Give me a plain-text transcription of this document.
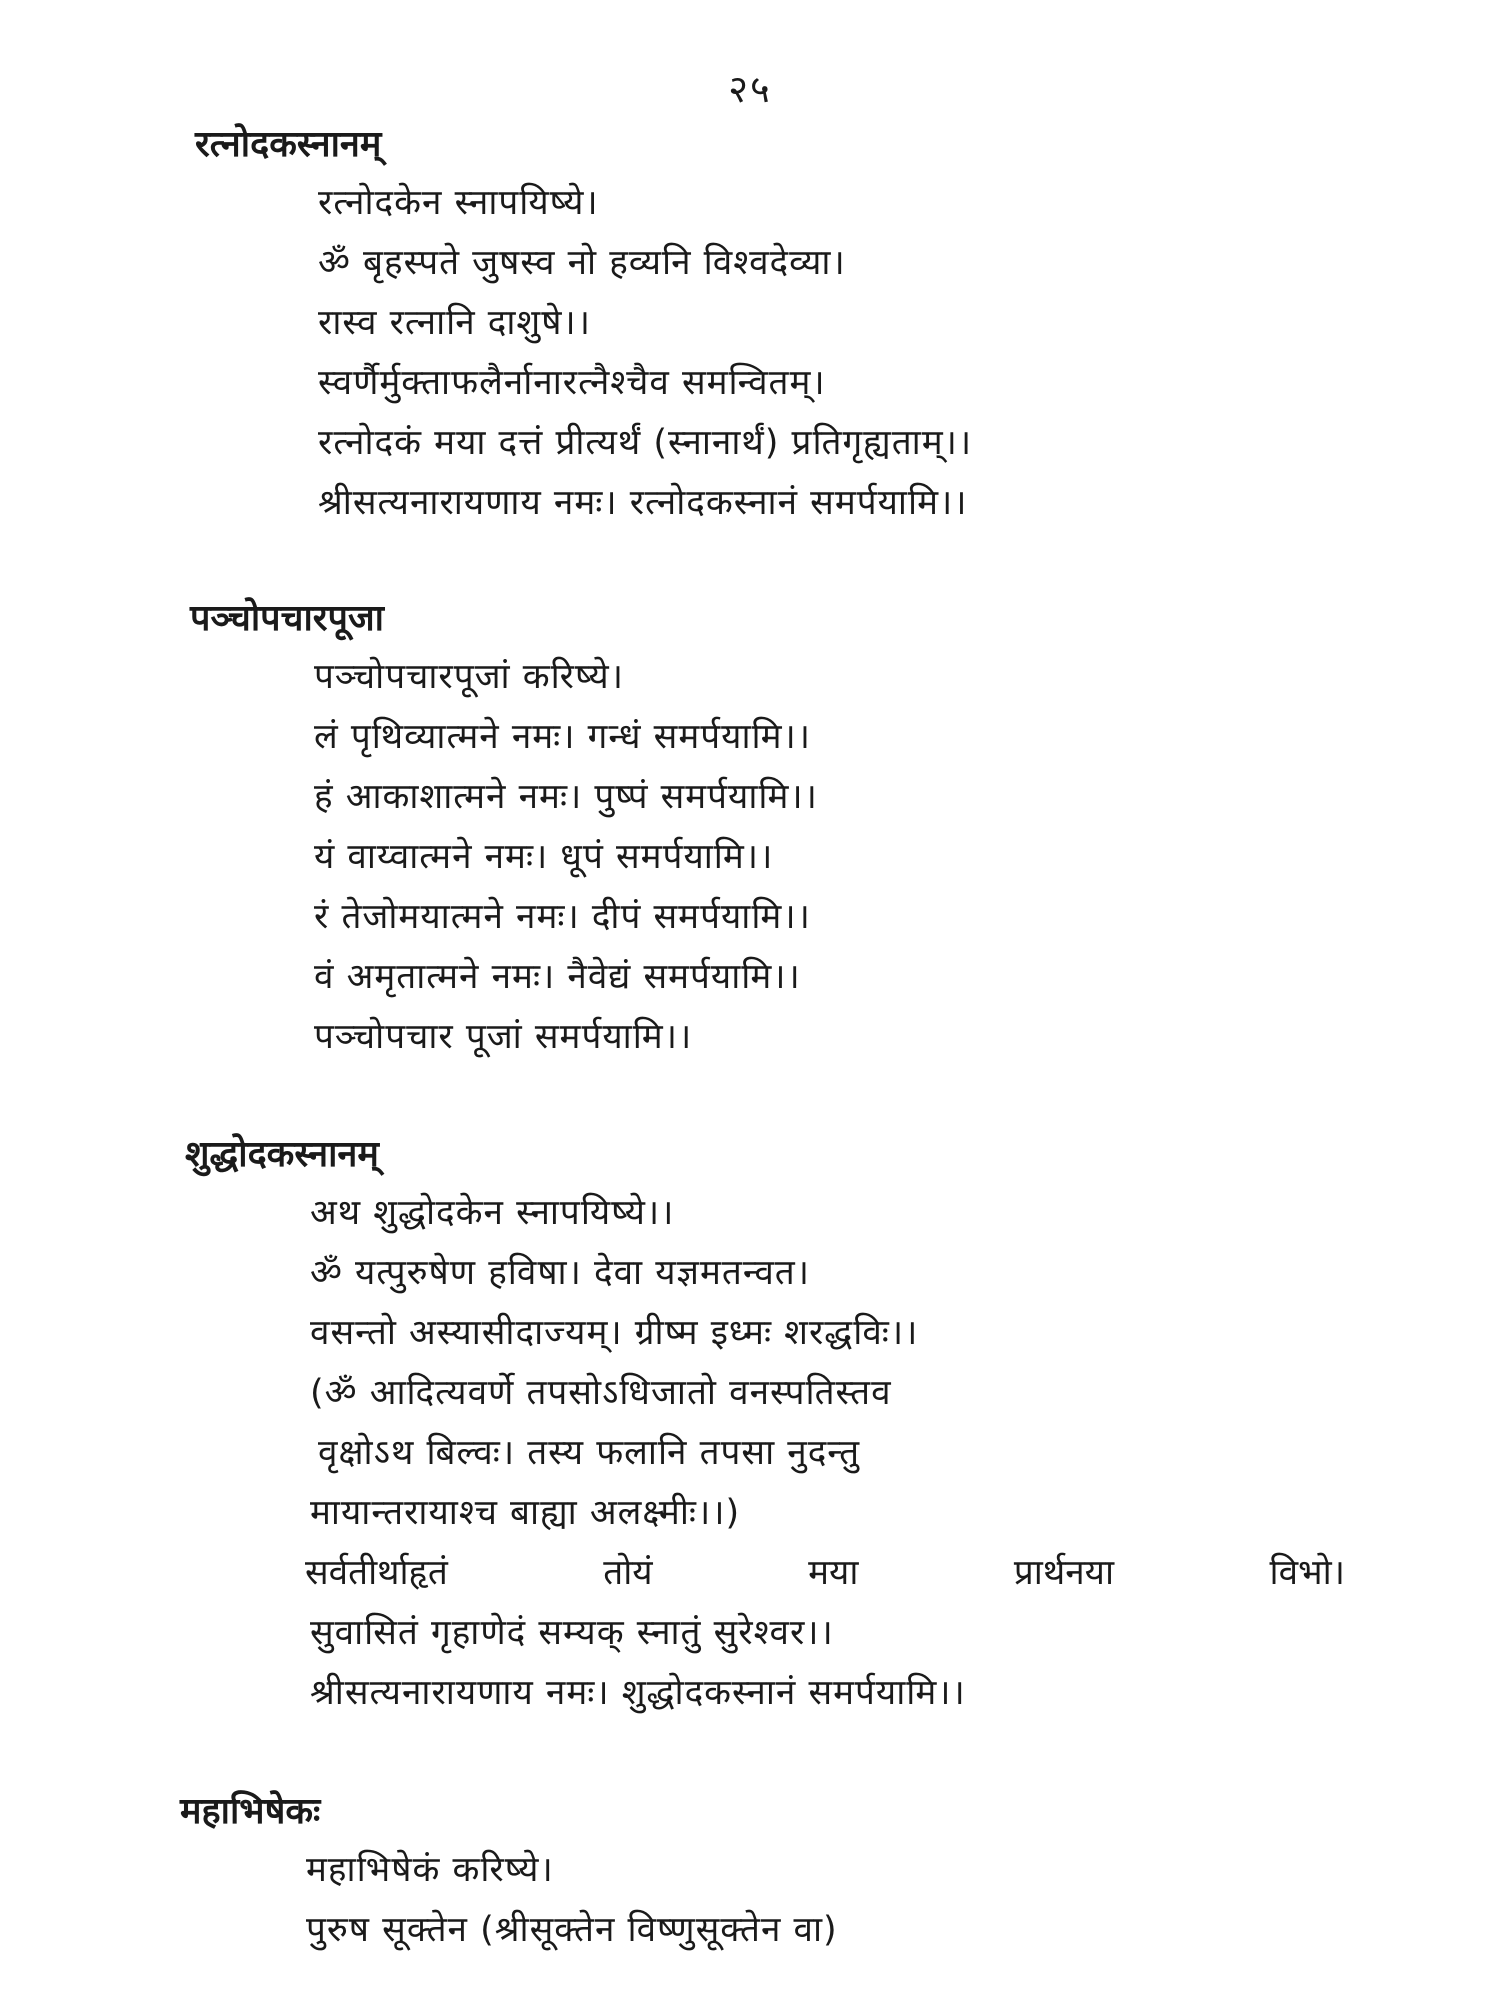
२५
रत्नोदकस्नानम्
रत्नोदकेन स्नापयिष्ये।
ॐ बृहस्पते जुषस्व नो हव्यनि विश्वदेव्या।
रास्व रत्नानि दाशुषे।।
स्वर्णैर्मुक्ताफलैर्नानारत्नैश्चैव समन्वितम्।
रत्नोदकं मया दत्तं प्रीत्यर्थं (स्नानार्थं) प्रतिगृह्यताम्।।
श्रीसत्यनारायणाय नमः। रत्नोदकस्नानं समर्पयामि।।
पञ्चोपचारपूजा
पञ्चोपचारपूजां करिष्ये।
लं पृथिव्यात्मने नमः। गन्धं समर्पयामि।।
हं आकाशात्मने नमः। पुष्पं समर्पयामि।।
यं वाय्वात्मने नमः। धूपं समर्पयामि।।
रं तेजोमयात्मने नमः। दीपं समर्पयामि।।
वं अमृतात्मने नमः। नैवेद्यं समर्पयामि।।
पञ्चोपचार पूजां समर्पयामि।।
शुद्धोदकस्नानम्
अथ शुद्धोदकेन स्नापयिष्ये।।
ॐ यत्पुरुषेण हविषा। देवा यज्ञमतन्वत।
वसन्तो अस्यासीदाज्यम्। ग्रीष्म इध्मः शरद्धविः।।
(ॐ आदित्यवर्णे तपसोऽधिजातो वनस्पतिस्तव
वृक्षोऽथ बिल्वः। तस्य फलानि तपसा नुदन्तु
मायान्तरायाश्च बाह्या अलक्ष्मीः।।)
सर्वतीर्थाहृतं	तोयं	मया	प्रार्थनया	विभो।
सुवासितं गृहाणेदं सम्यक् स्नातुं सुरेश्वर।।
श्रीसत्यनारायणाय नमः। शुद्धोदकस्नानं समर्पयामि।।
महाभिषेकः
महाभिषेकं करिष्ये।
पुरुष सूक्तेन (श्रीसूक्तेन विष्णुसूक्तेन वा)
